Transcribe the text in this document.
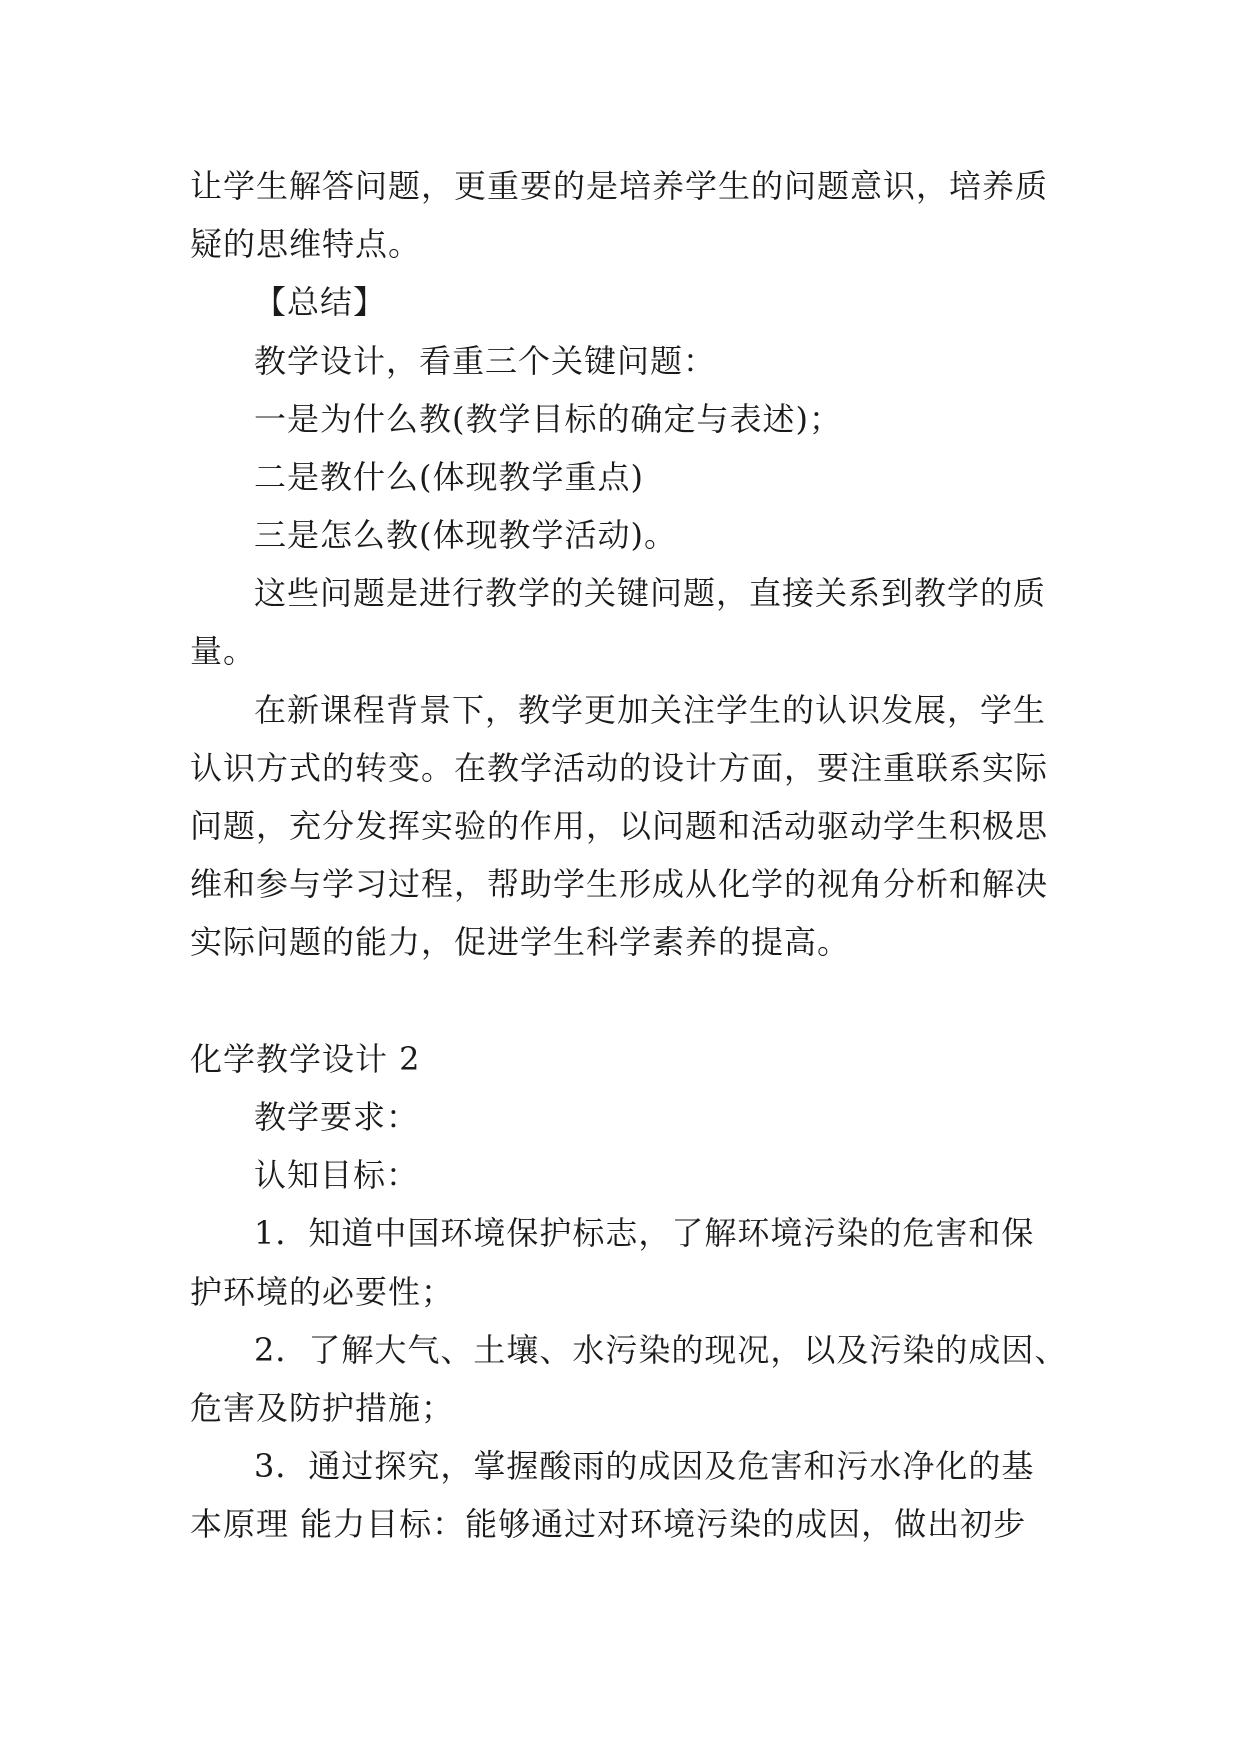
让学生解答问题，更重要的是培养学生的问题意识，培养质
疑的思维特点。
【总结】
教学设计，看重三个关键问题：
一是为什么教(教学目标的确定与表述)；
二是教什么(体现教学重点)
三是怎么教(体现教学活动)。
这些问题是进行教学的关键问题，直接关系到教学的质
量。
在新课程背景下，教学更加关注学生的认识发展，学生
认识方式的转变。在教学活动的设计方面，要注重联系实际
问题，充分发挥实验的作用，以问题和活动驱动学生积极思
维和参与学习过程，帮助学生形成从化学的视角分析和解决
实际问题的能力，促进学生科学素养的提高。
化学教学设计 2
教学要求：
认知目标：
1．知道中国环境保护标志，了解环境污染的危害和保
护环境的必要性；
2．了解大气、土壤、水污染的现况，以及污染的成因、
危害及防护措施；
3．通过探究，掌握酸雨的成因及危害和污水净化的基
本原理 能力目标：能够通过对环境污染的成因，做出初步
